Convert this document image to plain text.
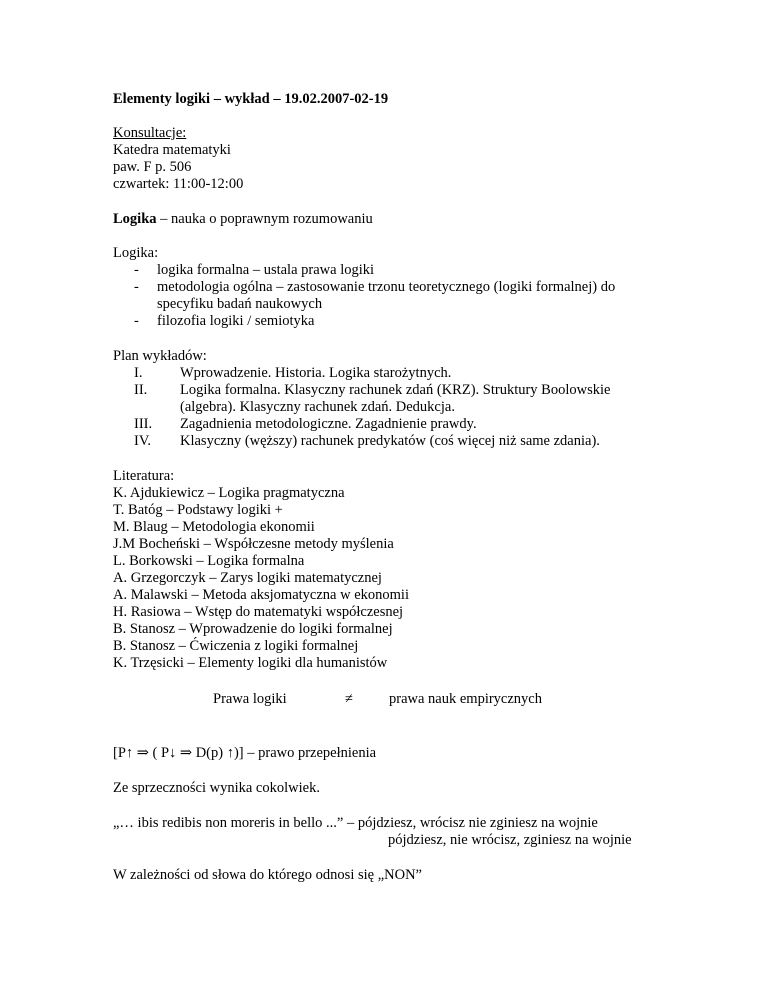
Elementy logiki – wykład – 19.02.2007-02-19
Konsultacje:
Katedra matematyki
paw. F p. 506
czwartek: 11:00-12:00
Logika – nauka o poprawnym rozumowaniu
Logika:
- logika formalna – ustala prawa logiki
- metodologia ogólna – zastosowanie trzonu teoretycznego (logiki formalnej) do
specyfiku badań naukowych
- filozofia logiki / semiotyka
Plan wykładów:
I.	Wprowadzenie. Historia. Logika starożytnych.
II.	Logika formalna. Klasyczny rachunek zdań (KRZ). Struktury Boolowskie
(algebra). Klasyczny rachunek zdań. Dedukcja.
III. Zagadnienia metodologiczne. Zagadnienie prawdy.
IV. Klasyczny (węższy) rachunek predykatów (coś więcej niż same zdania).
Literatura:
K. Ajdukiewicz – Logika pragmatyczna
T. Batóg – Podstawy logiki +
M. Blaug – Metodologia ekonomii
J.M Bocheński – Współczesne metody myślenia
L. Borkowski – Logika formalna
A. Grzegorczyk – Zarys logiki matematycznej
A. Malawski – Metoda aksjomatyczna w ekonomii
H. Rasiowa – Wstęp do matematyki współczesnej
B. Stanosz – Wprowadzenie do logiki formalnej
B. Stanosz – Ćwiczenia z logiki formalnej
K. Trzęsicki – Elementy logiki dla humanistów
Prawa logiki	≠ prawa nauk empirycznych
[P↑ ⇒ ( P↓ ⇒ D(p) ↑)] – prawo przepełnienia
Ze sprzeczności wynika cokolwiek.
„… ibis redibis non moreris in bello ...” – pójdziesz, wrócisz nie zginiesz na wojnie
pójdziesz, nie wrócisz, zginiesz na wojnie
W zależności od słowa do którego odnosi się „NON”
